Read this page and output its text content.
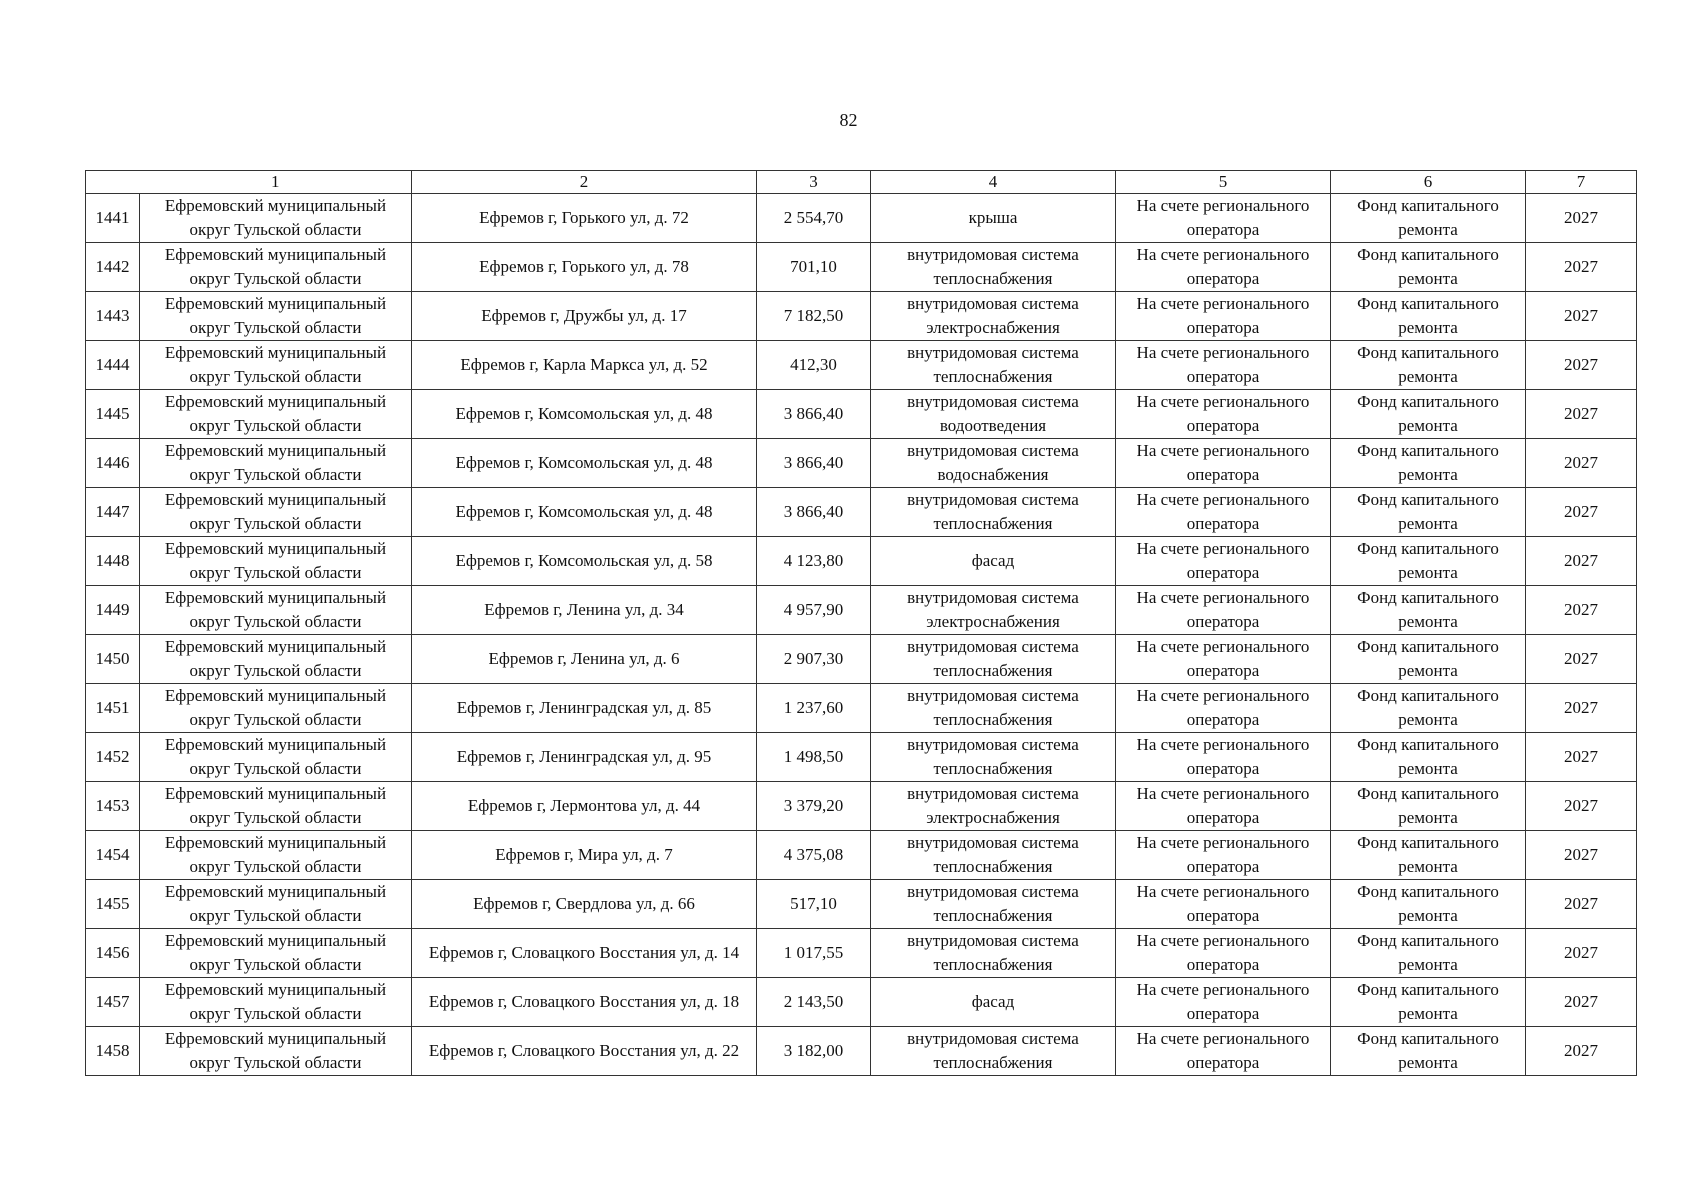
82
	1	2	3	4	5	6	7
1441	Ефремовский муниципальный округ Тульской области	Ефремов г, Горького ул, д. 72	2 554,70	крыша	На счете регионального оператора	Фонд капитального ремонта	2027
1442	Ефремовский муниципальный округ Тульской области	Ефремов г, Горького ул, д. 78	701,10	внутридомовая система теплоснабжения	На счете регионального оператора	Фонд капитального ремонта	2027
1443	Ефремовский муниципальный округ Тульской области	Ефремов г, Дружбы ул, д. 17	7 182,50	внутридомовая система электроснабжения	На счете регионального оператора	Фонд капитального ремонта	2027
1444	Ефремовский муниципальный округ Тульской области	Ефремов г, Карла Маркса ул, д. 52	412,30	внутридомовая система теплоснабжения	На счете регионального оператора	Фонд капитального ремонта	2027
1445	Ефремовский муниципальный округ Тульской области	Ефремов г, Комсомольская ул, д. 48	3 866,40	внутридомовая система водоотведения	На счете регионального оператора	Фонд капитального ремонта	2027
1446	Ефремовский муниципальный округ Тульской области	Ефремов г, Комсомольская ул, д. 48	3 866,40	внутридомовая система водоснабжения	На счете регионального оператора	Фонд капитального ремонта	2027
1447	Ефремовский муниципальный округ Тульской области	Ефремов г, Комсомольская ул, д. 48	3 866,40	внутридомовая система теплоснабжения	На счете регионального оператора	Фонд капитального ремонта	2027
1448	Ефремовский муниципальный округ Тульской области	Ефремов г, Комсомольская ул, д. 58	4 123,80	фасад	На счете регионального оператора	Фонд капитального ремонта	2027
1449	Ефремовский муниципальный округ Тульской области	Ефремов г, Ленина ул, д. 34	4 957,90	внутридомовая система электроснабжения	На счете регионального оператора	Фонд капитального ремонта	2027
1450	Ефремовский муниципальный округ Тульской области	Ефремов г, Ленина ул, д. 6	2 907,30	внутридомовая система теплоснабжения	На счете регионального оператора	Фонд капитального ремонта	2027
1451	Ефремовский муниципальный округ Тульской области	Ефремов г, Ленинградская ул, д. 85	1 237,60	внутридомовая система теплоснабжения	На счете регионального оператора	Фонд капитального ремонта	2027
1452	Ефремовский муниципальный округ Тульской области	Ефремов г, Ленинградская ул, д. 95	1 498,50	внутридомовая система теплоснабжения	На счете регионального оператора	Фонд капитального ремонта	2027
1453	Ефремовский муниципальный округ Тульской области	Ефремов г, Лермонтова ул, д. 44	3 379,20	внутридомовая система электроснабжения	На счете регионального оператора	Фонд капитального ремонта	2027
1454	Ефремовский муниципальный округ Тульской области	Ефремов г, Мира ул, д. 7	4 375,08	внутридомовая система теплоснабжения	На счете регионального оператора	Фонд капитального ремонта	2027
1455	Ефремовский муниципальный округ Тульской области	Ефремов г, Свердлова ул, д. 66	517,10	внутридомовая система теплоснабжения	На счете регионального оператора	Фонд капитального ремонта	2027
1456	Ефремовский муниципальный округ Тульской области	Ефремов г, Словацкого Восстания ул, д. 14	1 017,55	внутридомовая система теплоснабжения	На счете регионального оператора	Фонд капитального ремонта	2027
1457	Ефремовский муниципальный округ Тульской области	Ефремов г, Словацкого Восстания ул, д. 18	2 143,50	фасад	На счете регионального оператора	Фонд капитального ремонта	2027
1458	Ефремовский муниципальный округ Тульской области	Ефремов г, Словацкого Восстания ул, д. 22	3 182,00	внутридомовая система теплоснабжения	На счете регионального оператора	Фонд капитального ремонта	2027
